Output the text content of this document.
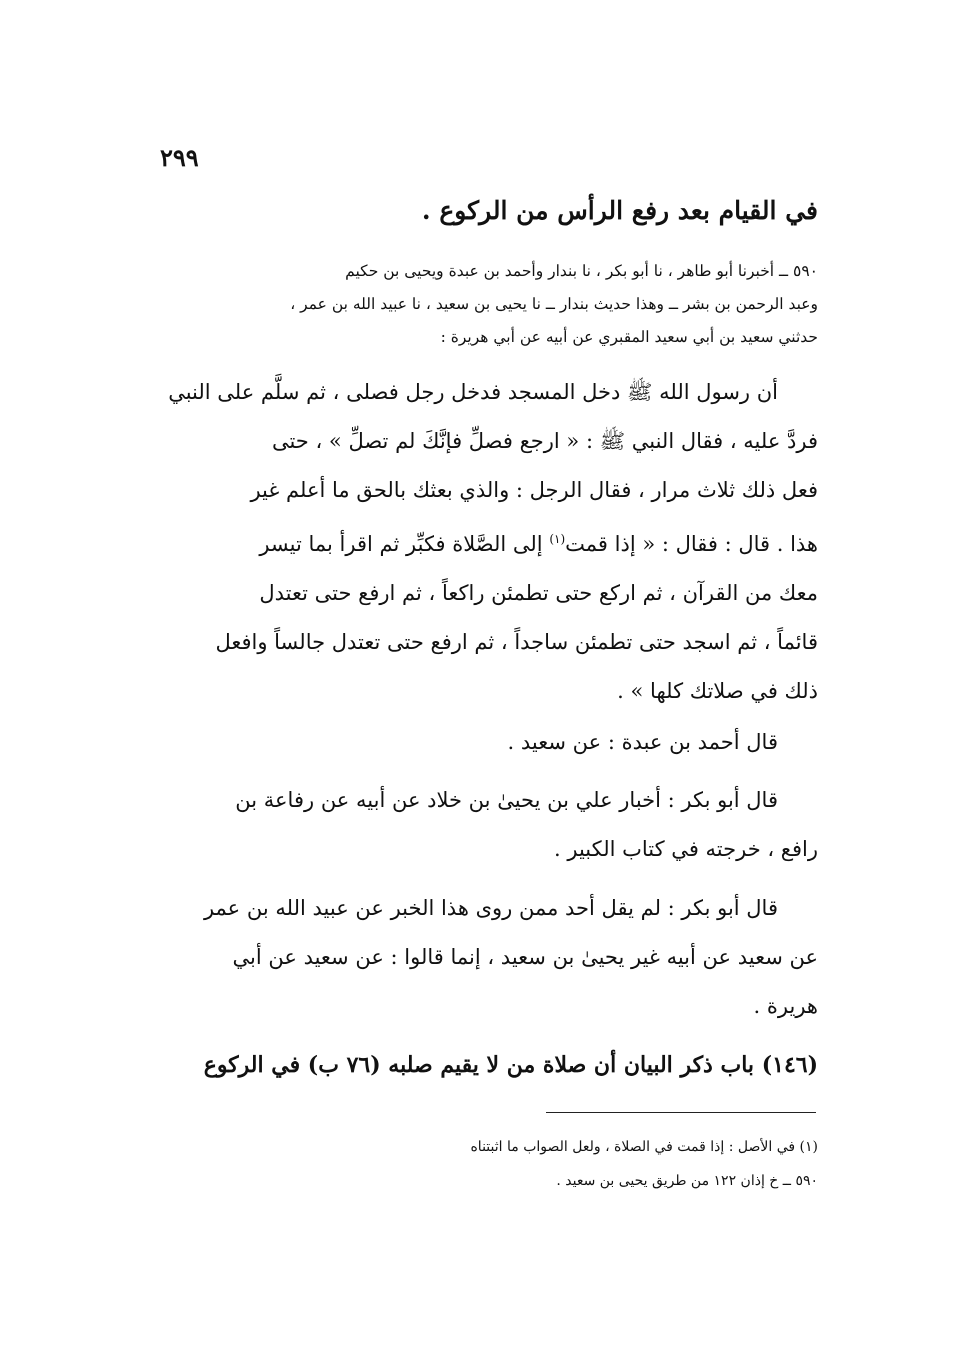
٢٩٩
في القيام بعد رفع الرأس من الركوع .
٥٩٠ ــ أخبرنا أبو طاهر ، نا أبو بكر ، نا بندار وأحمد بن عبدة ويحيى بن حكيم
وعبد الرحمن بن بشر ــ وهذا حديث بندار ــ نا يحيى بن سعيد ، نا عبيد الله بن عمر ،
حدثني سعيد بن أبي سعيد المقبري عن أبيه عن أبي هريرة :
أن رسول الله ﷺ دخل المسجد فدخل رجل فصلى ، ثم سلَّم على النبي
فردَّ عليه ، فقال النبي ﷺ : « ارجع فصلِّ فإنَّكَ لم تصلِّ » ، حتى
فعل ذلك ثلاث مرار ، فقال الرجل : والذي بعثك بالحق ما أعلم غير
هذا . قال : فقال : « إذا قمت$^{(١)}$ إلى الصَّلاة فكبِّر ثم اقرأ بما تيسر
معك من القرآن ، ثم اركع حتى تطمئن راكعاً ، ثم ارفع حتى تعتدل
قائماً ، ثم اسجد حتى تطمئن ساجداً ، ثم ارفع حتى تعتدل جالساً وافعل
ذلك في صلاتك كلها » .
قال أحمد بن عبدة : عن سعيد .
قال أبو بكر : أخبار علي بن يحيىٰ بن خلاد عن أبيه عن رفاعة بن
رافع ، خرجته في كتاب الكبير .
قال أبو بكر : لم يقل أحد ممن روى هذا الخبر عن عبيد الله بن عمر
عن سعيد عن أبيه غير يحيىٰ بن سعيد ، إنما قالوا : عن سعيد عن أبي
هريرة .
(١٤٦) باب ذكر البيان أن صلاة من لا يقيم صلبه (٧٦ ب) في الركوع
(١) في الأصل : إذا قمت في الصلاة ، ولعل الصواب ما اثبتناه
٥٩٠ ــ خ إذان ١٢٢ من طريق يحيى بن سعيد .
